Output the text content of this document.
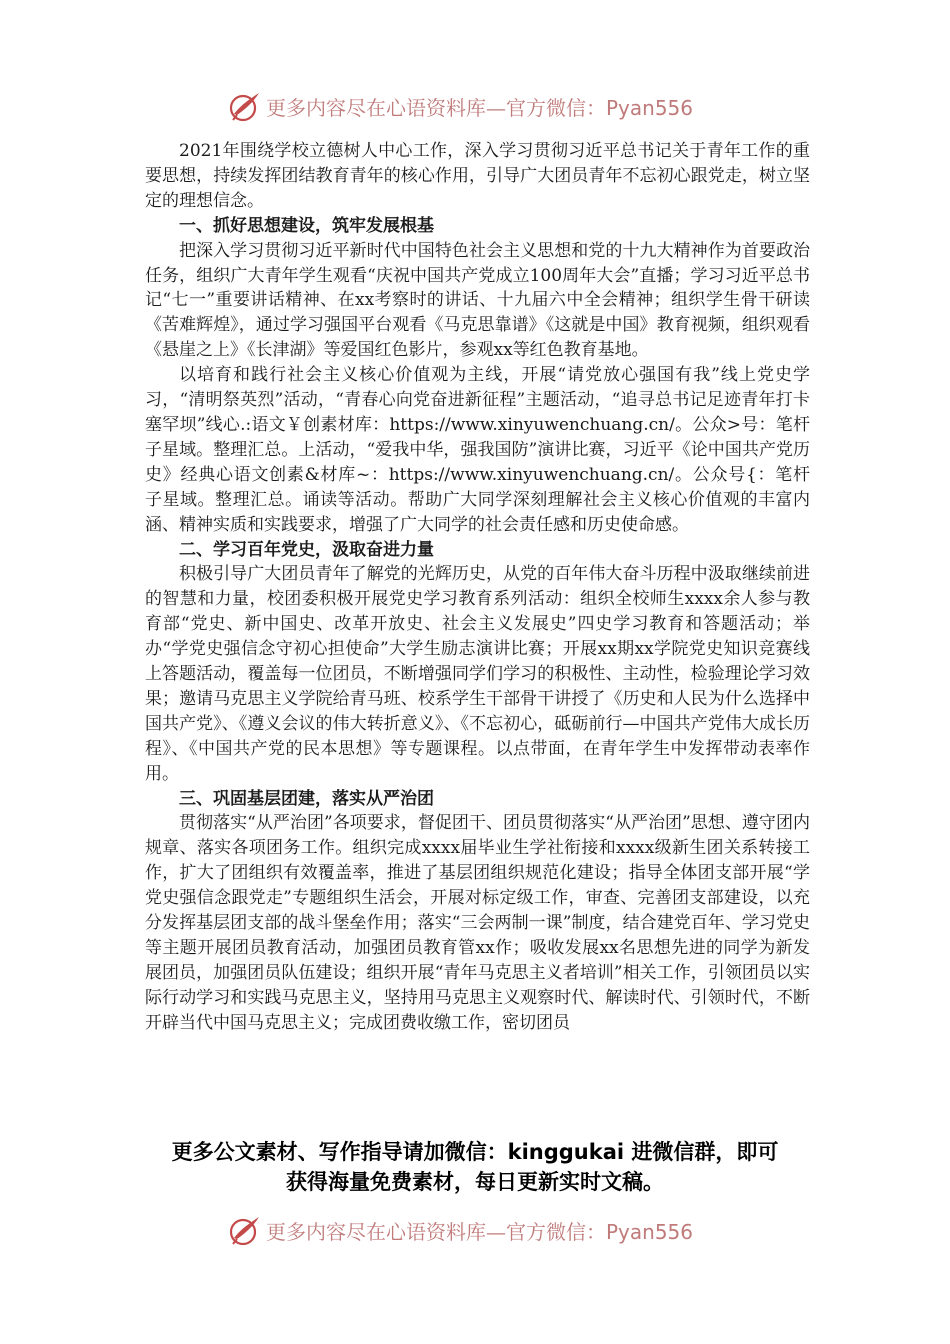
更多内容尽在心语资料库—官方微信：Pyan556

2021年围绕学校立德树人中心工作，深入学习贯彻习近平总书记关于青年工作的重要思想，持续发挥团结教育青年的核心作用，引导广大团员青年不忘初心跟党走，树立坚定的理想信念。

一、抓好思想建设，筑牢发展根基

把深入学习贯彻习近平新时代中国特色社会主义思想和党的十九大精神作为首要政治任务，组织广大青年学生观看“庆祝中国共产党成立100周年大会”直播；学习习近平总书记“七一”重要讲话精神、在xx考察时的讲话、十九届六中全会精神；组织学生骨干研读《苦难辉煌》，通过学习强国平台观看《马克思靠谱》《这就是中国》教育视频，组织观看《悬崖之上》《长津湖》等爱国红色影片，参观xx等红色教育基地。

以培育和践行社会主义核心价值观为主线，开展“请党放心强国有我”线上党史学习，“清明祭英烈”活动，“青春心向党奋进新征程”主题活动，“追寻总书记足迹青年打卡塞罕坝”线心.:语文￥创素材库：https://www.xinyuwenchuang.cn/。公众>号：笔杆子星域。整理汇总。上活动，“爱我中华，强我国防”演讲比赛，习近平《论中国共产党历史》经典心语文创素&材库~：https://www.xinyuwenchuang.cn/。公众号{：笔杆子星域。整理汇总。诵读等活动。帮助广大同学深刻理解社会主义核心价值观的丰富内涵、精神实质和实践要求，增强了广大同学的社会责任感和历史使命感。

二、学习百年党史，汲取奋进力量

积极引导广大团员青年了解党的光辉历史，从党的百年伟大奋斗历程中汲取继续前进的智慧和力量，校团委积极开展党史学习教育系列活动：组织全校师生xxxx余人参与教育部“党史、新中国史、改革开放史、社会主义发展史”四史学习教育和答题活动；举办“学党史强信念守初心担使命”大学生励志演讲比赛；开展xx期xx学院党史知识竞赛线上答题活动，覆盖每一位团员，不断增强同学们学习的积极性、主动性，检验理论学习效果；邀请马克思主义学院给青马班、校系学生干部骨干讲授了《历史和人民为什么选择中国共产党》、《遵义会议的伟大转折意义》、《不忘初心，砥砺前行—中国共产党伟大成长历程》、《中国共产党的民本思想》等专题课程。以点带面，在青年学生中发挥带动表率作用。

三、巩固基层团建，落实从严治团

贯彻落实“从严治团”各项要求，督促团干、团员贯彻落实“从严治团”思想、遵守团内规章、落实各项团务工作。组织完成xxxx届毕业生学社衔接和xxxx级新生团关系转接工作，扩大了团组织有效覆盖率，推进了基层团组织规范化建设；指导全体团支部开展“学党史强信念跟党走”专题组织生活会，开展对标定级工作，审查、完善团支部建设，以充分发挥基层团支部的战斗堡垒作用；落实“三会两制一课”制度，结合建党百年、学习党史等主题开展团员教育活动，加强团员教育管xx作；吸收发展xx名思想先进的同学为新发展团员，加强团员队伍建设；组织开展“青年马克思主义者培训”相关工作，引领团员以实际行动学习和实践马克思主义，坚持用马克思主义观察时代、解读时代、引领时代，不断开辟当代中国马克思主义；完成团费收缴工作，密切团员

更多公文素材、写作指导请加微信：kinggukai 进微信群，即可
获得海量免费素材，每日更新实时文稿。
更多内容尽在心语资料库—官方微信：Pyan556
